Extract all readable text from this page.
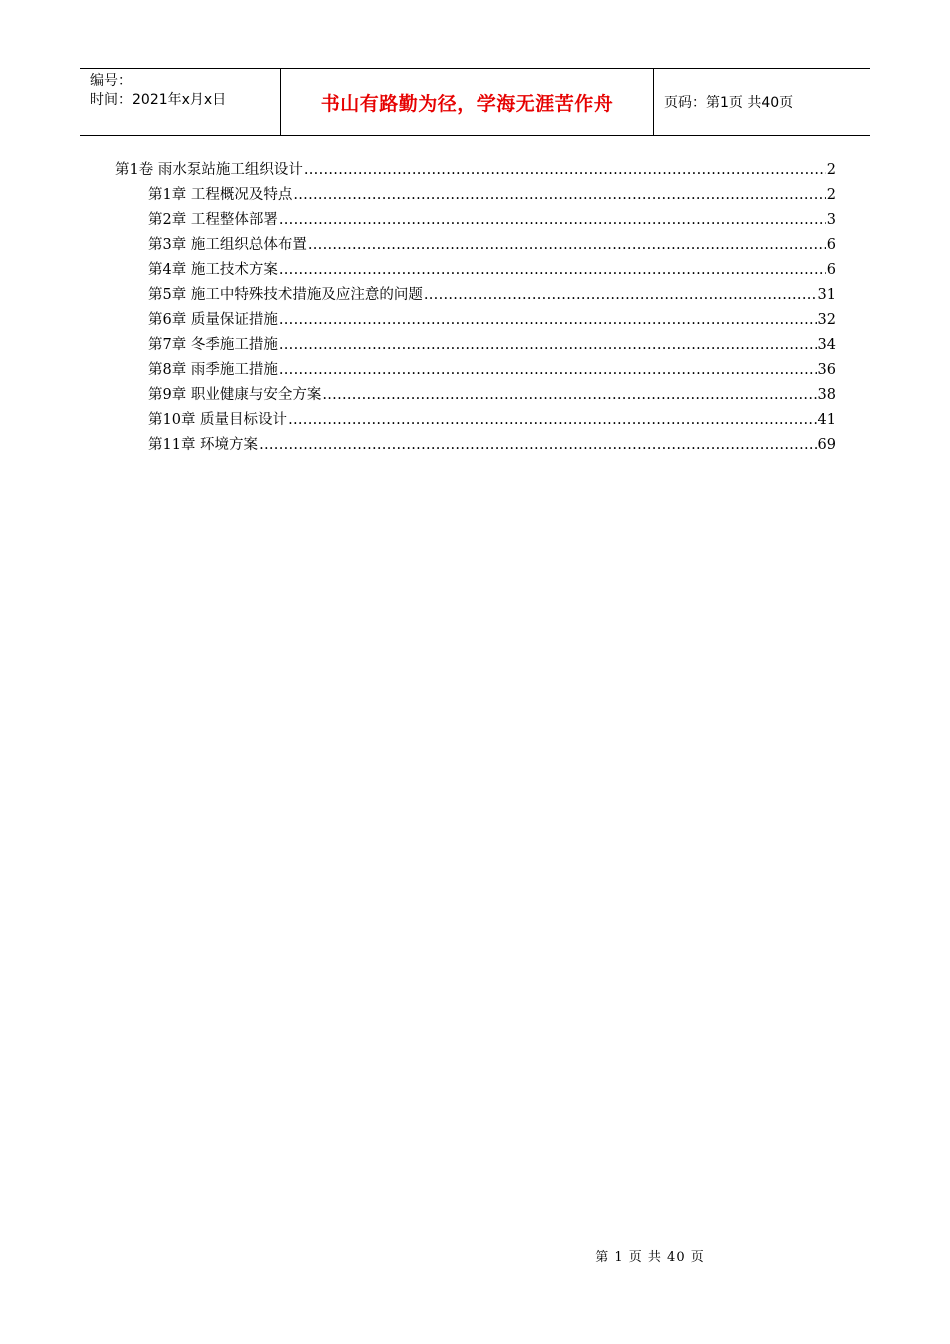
编号：
时间：2021年x月x日	书山有路勤为径，学海无涯苦作舟	页码：第1页 共40页
第1卷 雨水泵站施工组织设计 .....	2
第1章 工程概况及特点 .....	2
第2章 工程整体部署 .....	3
第3章 施工组织总体布置 .....	6
第4章 施工技术方案 .....	6
第5章 施工中特殊技术措施及应注意的问题 .....	31
第6章 质量保证措施 .....	32
第7章 冬季施工措施 .....	34
第8章 雨季施工措施 .....	36
第9章 职业健康与安全方案 .....	38
第10章 质量目标设计 .....	41
第11章 环境方案 .....	69
第 1 页 共 40 页
